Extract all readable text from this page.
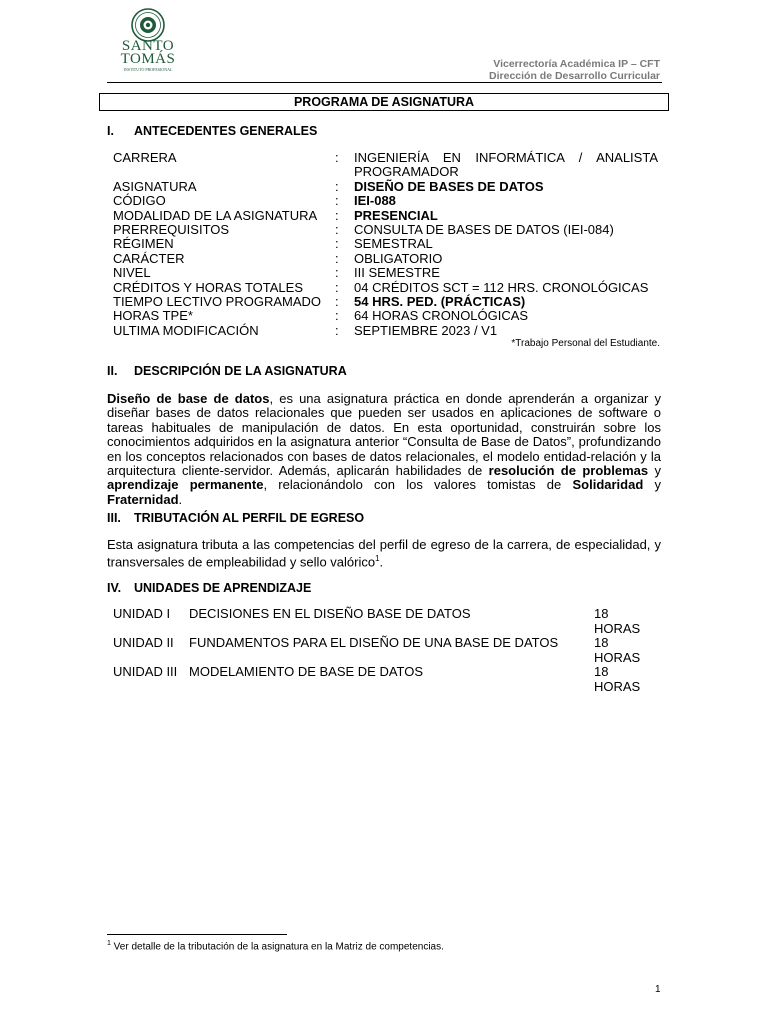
SANTO
TOMÁS
INSTITUTO PROFESIONAL	Vicerrectoría Académica IP – CFT
Dirección de Desarrollo Curricular
PROGRAMA DE ASIGNATURA
I. ANTECEDENTES GENERALES
CARRERA	:	INGENIERÍA EN INFORMÁTICA / ANALISTA
PROGRAMADOR
ASIGNATURA	:	DISEÑO DE BASES DE DATOS
CÓDIGO	:	IEI-088
MODALIDAD DE LA ASIGNATURA	:	PRESENCIAL
PRERREQUISITOS	:	CONSULTA DE BASES DE DATOS (IEI-084)
RÉGIMEN	:	SEMESTRAL
CARÁCTER	:	OBLIGATORIO
NIVEL	:	III SEMESTRE
CRÉDITOS Y HORAS TOTALES	:	04 CRÉDITOS SCT = 112 HRS. CRONOLÓGICAS
TIEMPO LECTIVO PROGRAMADO	:	54 HRS. PED. (PRÁCTICAS)
HORAS TPE*	:	64 HORAS CRONOLÓGICAS
ULTIMA MODIFICACIÓN	:	SEPTIEMBRE 2023 / V1
*Trabajo Personal del Estudiante.
II. DESCRIPCIÓN DE LA ASIGNATURA
Diseño de base de datos, es una asignatura práctica en donde aprenderán a organizar y diseñar bases de datos relacionales que pueden ser usados en aplicaciones de software o tareas habituales de manipulación de datos. En esta oportunidad, construirán sobre los conocimientos adquiridos en la asignatura anterior “Consulta de Base de Datos”, profundizando en los conceptos relacionados con bases de datos relacionales, el modelo entidad-relación y la arquitectura cliente-servidor. Además, aplicarán habilidades de resolución de problemas y aprendizaje permanente, relacionándolo con los valores tomistas de Solidaridad y Fraternidad.
III. TRIBUTACIÓN AL PERFIL DE EGRESO
Esta asignatura tributa a las competencias del perfil de egreso de la carrera, de especialidad, y transversales de empleabilidad y sello valórico$^1$.
IV. UNIDADES DE APRENDIZAJE
UNIDAD I	DECISIONES EN EL DISEÑO BASE DE DATOS	18 HORAS
UNIDAD II	FUNDAMENTOS PARA EL DISEÑO DE UNA BASE DE DATOS	18 HORAS
UNIDAD III MODELAMIENTO DE BASE DE DATOS	18 HORAS
$^1$ Ver detalle de la tributación de la asignatura en la Matriz de competencias.
1
